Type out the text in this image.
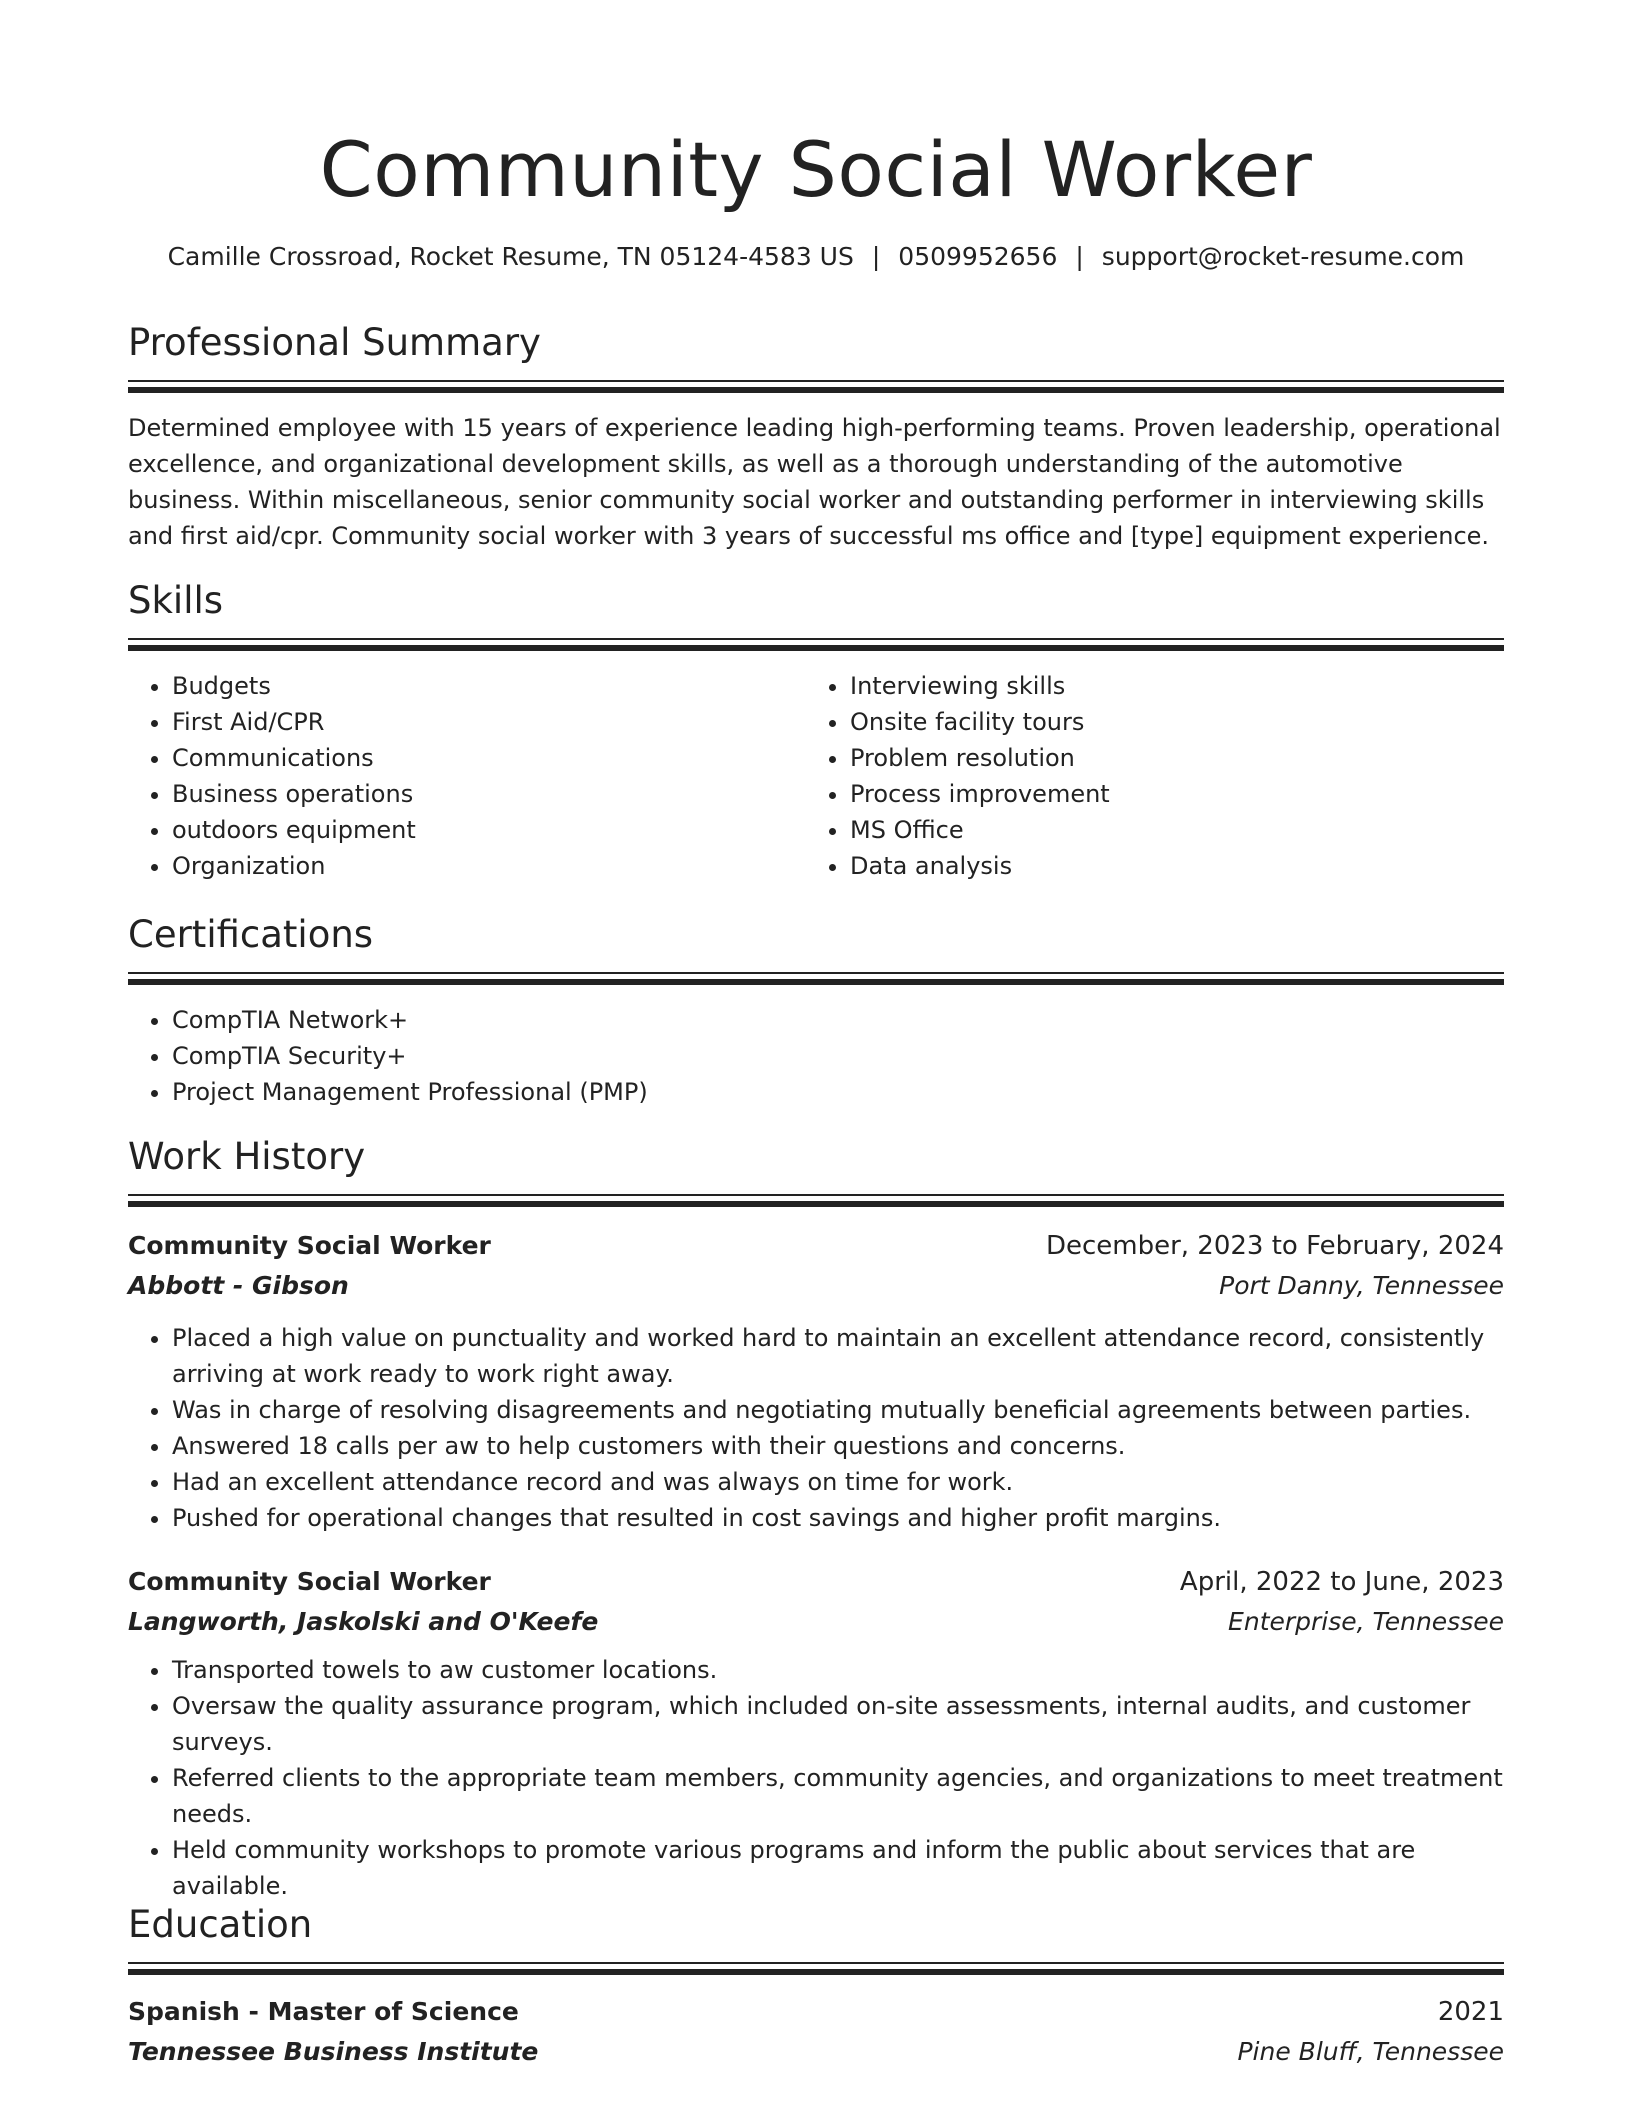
Community Social Worker
Camille Crossroad, Rocket Resume, TN 05124-4583 US | 0509952656 | support@rocket-resume.com
Professional Summary

Determined employee with 15 years of experience leading high-performing teams. Proven leadership, operational excellence, and organizational development skills, as well as a thorough understanding of the automotive business. Within miscellaneous, senior community social worker and outstanding performer in interviewing skills and first aid/cpr. Community social worker with 3 years of successful ms office and [type] equipment experience.

Skills
• Budgets
• First Aid/CPR
• Communications
• Business operations
• outdoors equipment
• Organization
• Interviewing skills
• Onsite facility tours
• Problem resolution
• Process improvement
• MS Office
• Data analysis
Certifications
• CompTIA Network+
• CompTIA Security+
• Project Management Professional (PMP)
Work History
Community Social Worker	December, 2023 to February, 2024
Abbott - Gibson	Port Danny, Tennessee
• Placed a high value on punctuality and worked hard to maintain an excellent attendance record, consistently arriving at work ready to work right away.
• Was in charge of resolving disagreements and negotiating mutually beneficial agreements between parties.
• Answered 18 calls per aw to help customers with their questions and concerns.
• Had an excellent attendance record and was always on time for work.
• Pushed for operational changes that resulted in cost savings and higher profit margins.
Community Social Worker	April, 2022 to June, 2023
Langworth, Jaskolski and O'Keefe	Enterprise, Tennessee
• Transported towels to aw customer locations.
• Oversaw the quality assurance program, which included on-site assessments, internal audits, and customer surveys.
• Referred clients to the appropriate team members, community agencies, and organizations to meet treatment needs.
• Held community workshops to promote various programs and inform the public about services that are available.
Education
Spanish - Master of Science	2021
Tennessee Business Institute	Pine Bluff, Tennessee
